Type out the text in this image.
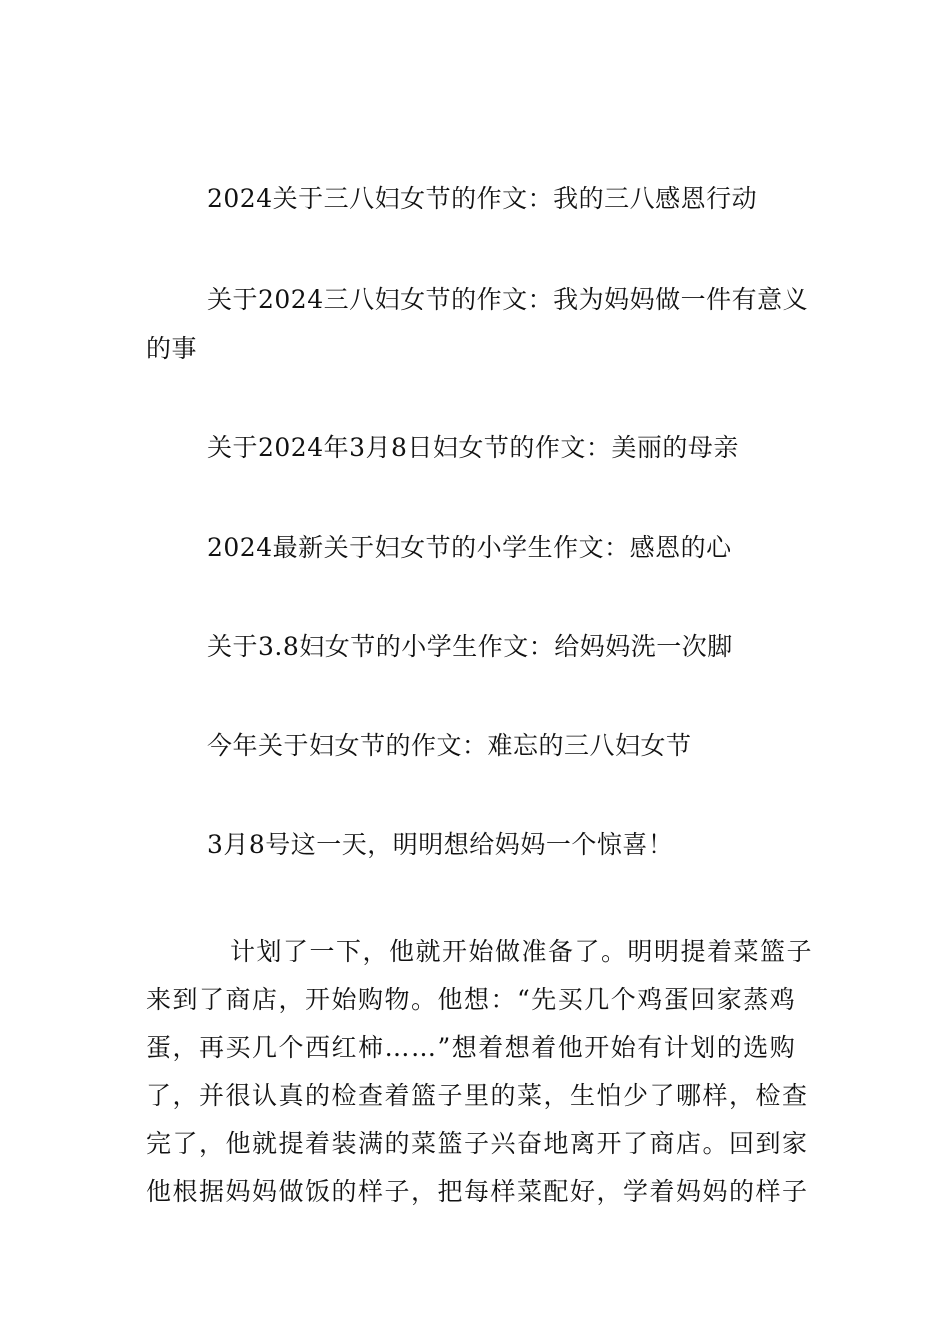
2024关于三八妇女节的作文：我的三八感恩行动
关于2024三八妇女节的作文：我为妈妈做一件有意义
的事
关于2024年3月8日妇女节的作文：美丽的母亲
2024最新关于妇女节的小学生作文：感恩的心
关于3.8妇女节的小学生作文：给妈妈洗一次脚
今年关于妇女节的作文：难忘的三八妇女节
3月8号这一天，明明想给妈妈一个惊喜！
计划了一下，他就开始做准备了。明明提着菜篮子
来到了商店，开始购物。他想：“先买几个鸡蛋回家蒸鸡
蛋，再买几个西红柿……”想着想着他开始有计划的选购
了，并很认真的检查着篮子里的菜，生怕少了哪样，检查
完了，他就提着装满的菜篮子兴奋地离开了商店。回到家
他根据妈妈做饭的样子，把每样菜配好，学着妈妈的样子
